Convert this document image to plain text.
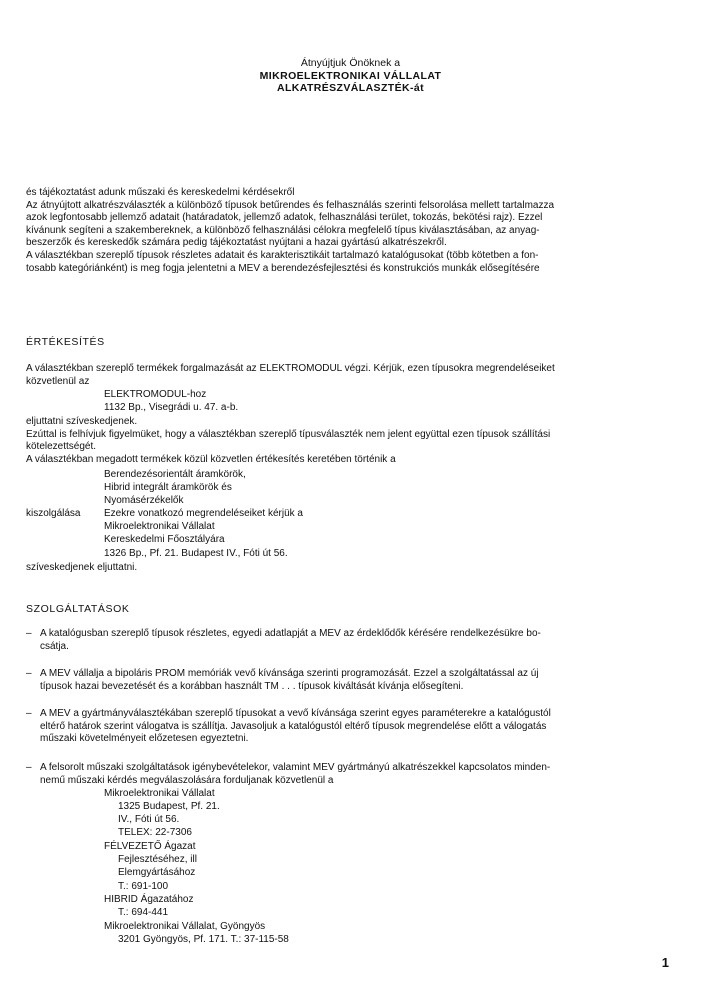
Átnyújtjuk Önöknek a
MIKROELEKTRONIKAI VÁLLALAT
ALKATRÉSZVÁLASZTÉK-át
és tájékoztatást adunk műszaki és kereskedelmi kérdésekről
Az átnyújtott alkatrészválaszték a különböző típusok betűrendes és felhasználás szerinti felsorolása mellett tartalmazza
azok legfontosabb jellemző adatait (határadatok, jellemző adatok, felhasználási terület, tokozás, bekötési rajz). Ezzel
kívánunk segíteni a szakembereknek, a különböző felhasználási célokra megfelelő típus kiválasztásában, az anyag-
beszerzők és kereskedők számára pedig tájékoztatást nyújtani a hazai gyártású alkatrészekről.
A választékban szereplő típusok részletes adatait és karakterisztikáit tartalmazó katalógusokat (több kötetben a fon-
tosabb kategóriánként) is meg fogja jelentetni a MEV a berendezésfejlesztési és konstrukciós munkák elősegítésére
ÉRTÉKESÍTÉS
A választékban szereplő termékek forgalmazását az ELEKTROMODUL végzi. Kérjük, ezen típusokra megrendeléseiket
közvetlenül az
ELEKTROMODUL-hoz
1132 Bp., Visegrádi u. 47. a-b.
eljuttatni szíveskedjenek.
Ezúttal is felhívjuk figyelmüket, hogy a választékban szereplő típusválaszték nem jelent együttal ezen típusok szállítási
kötelezettségét.
A választékban megadott termékek közül közvetlen értékesítés keretében történik a
Berendezésorientált áramkörök,
Hibrid integrált áramkörök és
Nyomásérzékelők
kiszolgálása Ezekre vonatkozó megrendeléseiket kérjük a
Mikroelektronikai Vállalat
Kereskedelmi Főosztályára
1326 Bp., Pf. 21. Budapest IV., Fóti út 56.
szíveskedjenek eljuttatni.
SZOLGÁLTATÁSOK
– A katalógusban szereplő típusok részletes, egyedi adatlapját a MEV az érdeklődők kérésére rendelkezésükre bo-
csátja.
– A MEV vállalja a bipoláris PROM memóriák vevő kívánsága szerinti programozását. Ezzel a szolgáltatással az új
típusok hazai bevezetését és a korábban használt TM . . . típusok kiváltását kívánja elősegíteni.
– A MEV a gyártmányválasztékában szereplő típusokat a vevő kívánsága szerint egyes paraméterekre a katalógustól
eltérő határok szerint válogatva is szállítja. Javasoljuk a katalógustól eltérő típusok megrendelése előtt a válogatás
műszaki követelményeit előzetesen egyeztetni.
– A felsorolt műszaki szolgáltatások igénybevételekor, valamint MEV gyártmányú alkatrészekkel kapcsolatos minden-
nemű műszaki kérdés megválaszolására forduljanak közvetlenül a
Mikroelektronikai Vállalat
1325 Budapest, Pf. 21.
IV., Fóti út 56.
TELEX: 22-7306
FÉLVEZETŐ Ágazat
Fejlesztéséhez, ill
Elemgyártásához
T.: 691-100
HIBRID Ágazatához
T.: 694-441
Mikroelektronikai Vállalat, Gyöngyös
3201 Gyöngyös, Pf. 171. T.: 37-115-58
1
